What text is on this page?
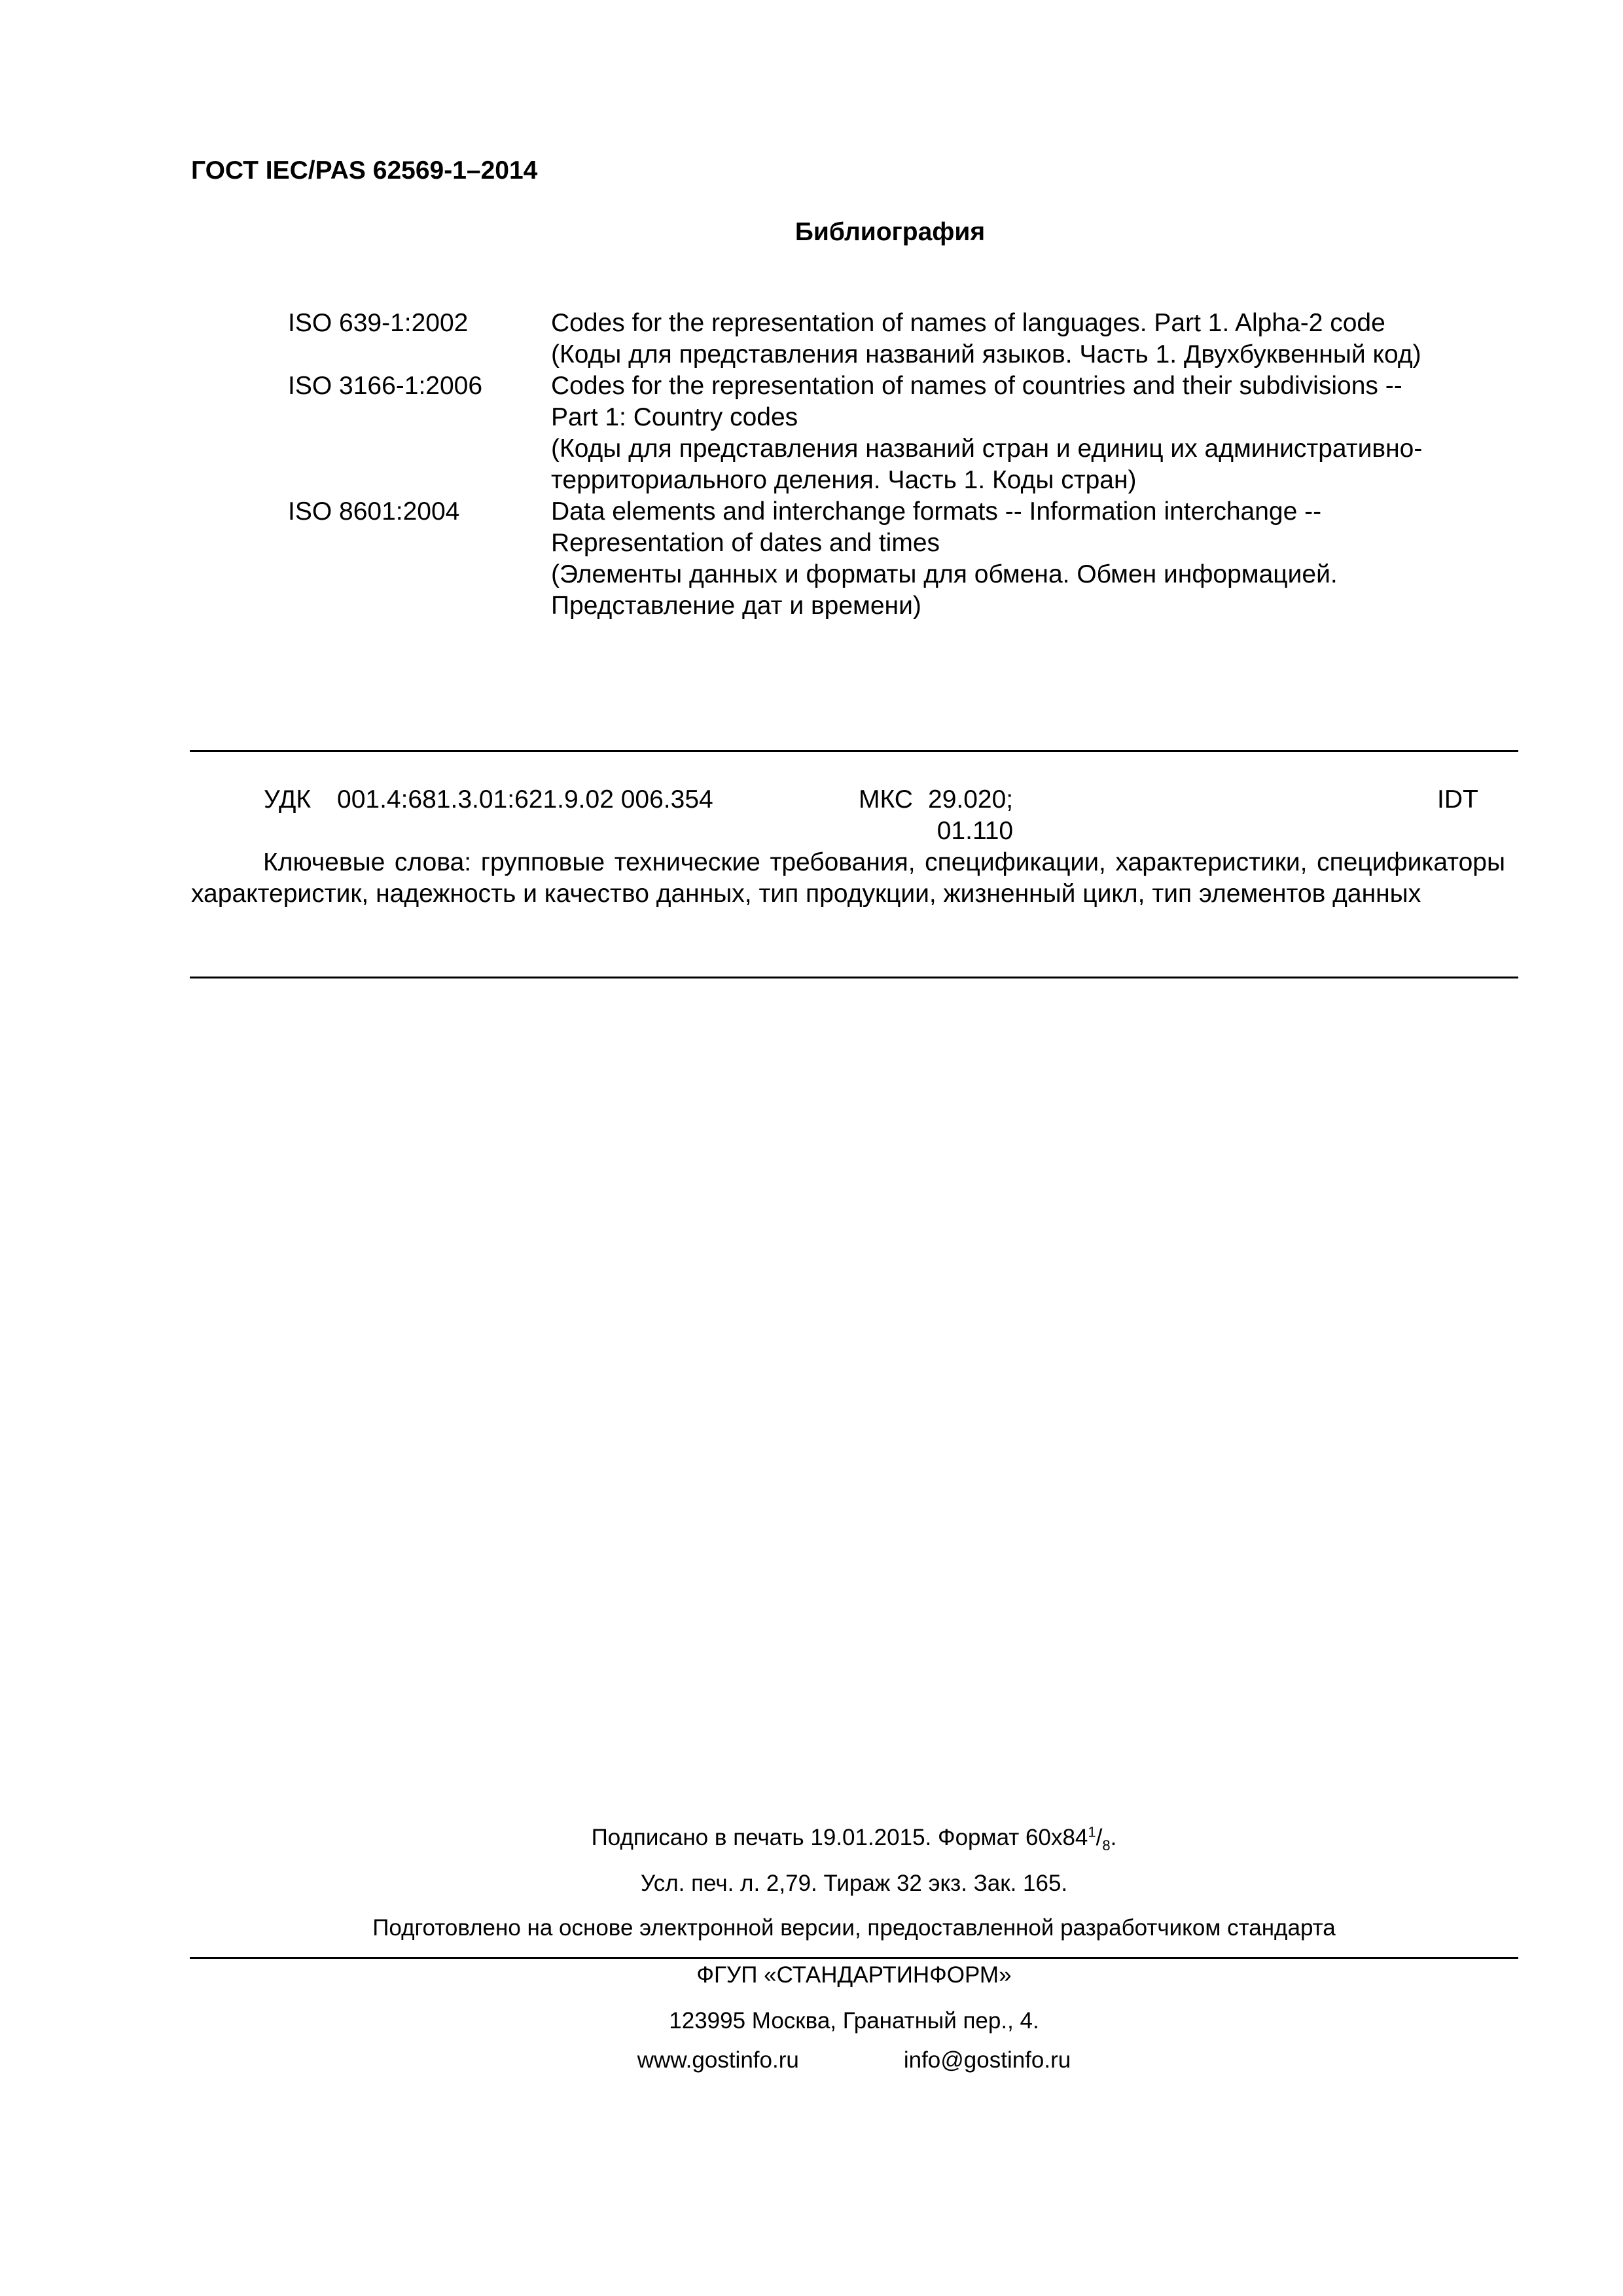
ГОСТ IEC/PAS 62569-1–2014
Библиография
ISO 639-1:2002	Codes for the representation of names of languages. Part 1. Alpha-2 code
(Коды для представления названий языков. Часть 1. Двухбуквенный код)
ISO 3166-1:2006	Codes for the representation of names of countries and their subdivisions --
Part 1: Country codes
(Коды для представления названий стран и единиц их административно-
территориального деления. Часть 1. Коды стран)
ISO 8601:2004	Data elements and interchange formats -- Information interchange --
Representation of dates and times
(Элементы данных и форматы для обмена. Обмен информацией.
Представление дат и времени)
УДК 001.4:681.3.01:621.9.02 006.354	МКС 29.020;
01.110
IDT
Ключевые слова: групповые технические требования, спецификации, характеристики, спецификаторы характеристик, надежность и качество данных, тип продукции, жизненный цикл, тип элементов данных
Подписано в печать 19.01.2015. Формат $60x84^1/_8$.
Усл. печ. л. 2,79. Тираж 32 экз. Зак. 165.
Подготовлено на основе электронной версии, предоставленной разработчиком стандарта
ФГУП «СТАНДАРТИНФОРМ»
123995 Москва, Гранатный пер., 4.
www.gostinfo.ru	info@gostinfo.ru
